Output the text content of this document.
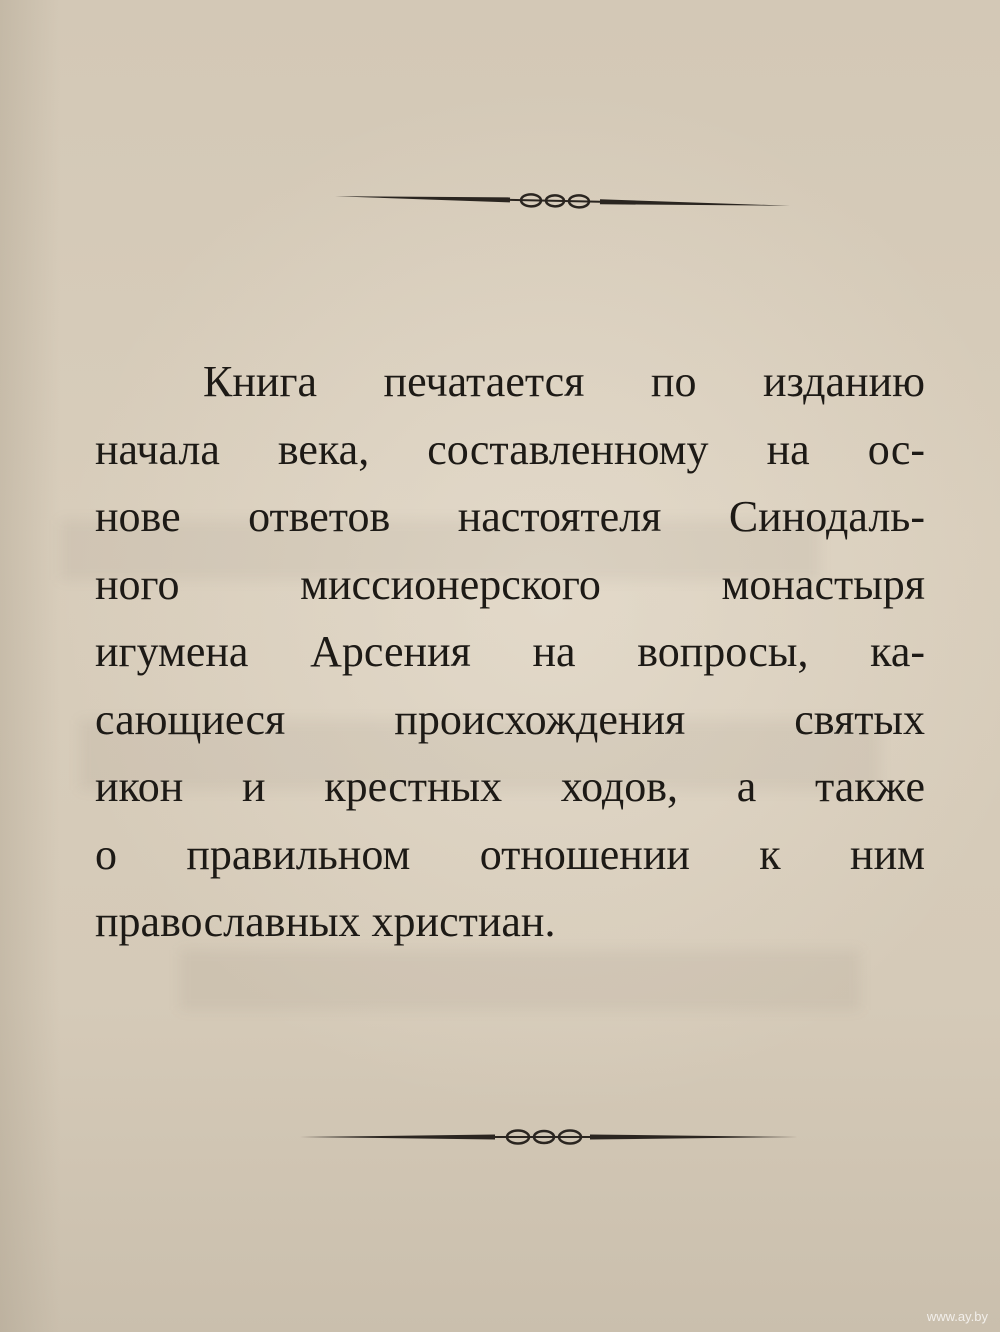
Книга печатается по изданию
начала века, составленному на ос-
нове ответов настоятеля Синодаль-
ного миссионерского монастыря
игумена Арсения на вопросы, ка-
сающиеся происхождения святых
икон и крестных ходов, а также
о правильном отношении к ним
православных христиан.
www.ay.by
